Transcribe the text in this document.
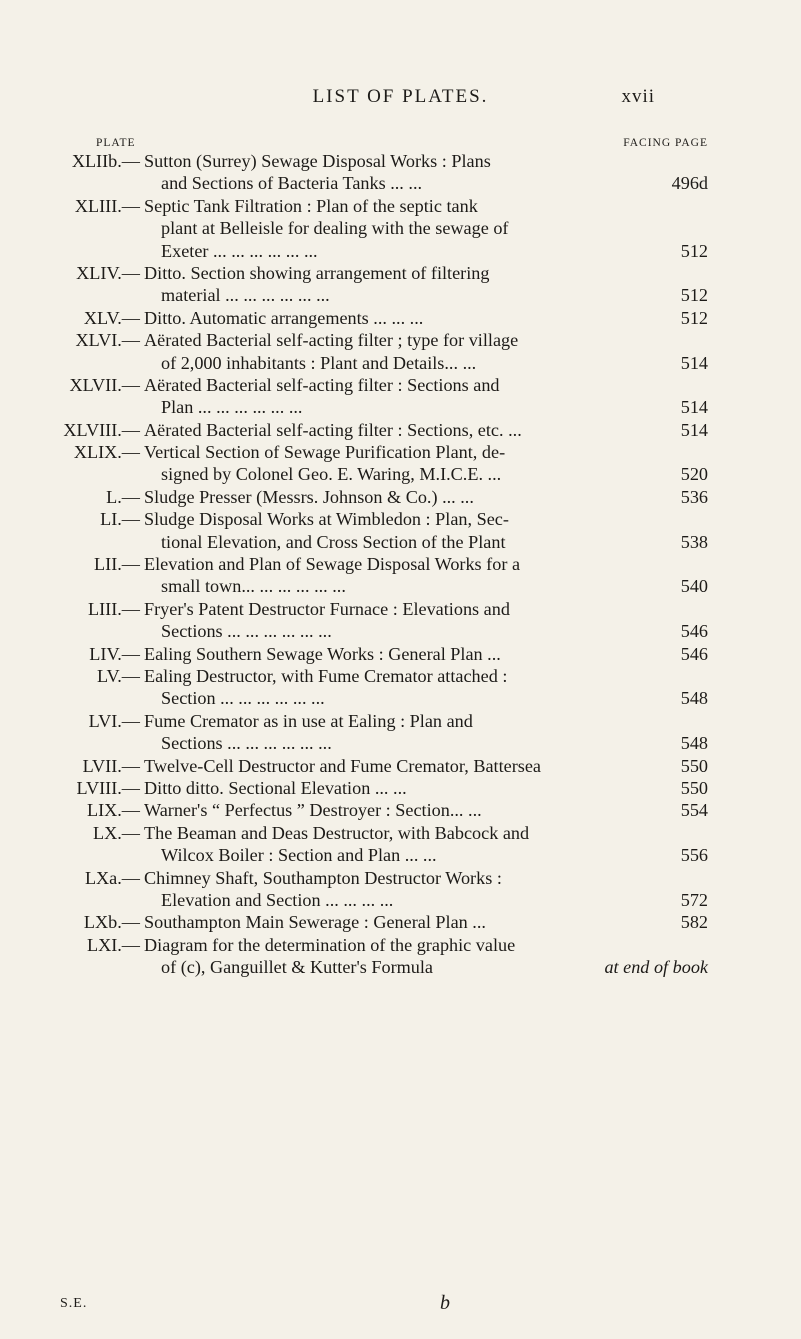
LIST OF PLATES.	xvii
PLATE	FACING PAGE
XLIIb.— Sutton (Surrey) Sewage Disposal Works : Plans
and Sections of Bacteria Tanks ... ...	496d
XLIII.— Septic Tank Filtration : Plan of the septic tank
plant at Belleisle for dealing with the sewage of
Exeter ... ... ... ... ... ...	512
XLIV.— Ditto. Section showing arrangement of filtering
material ... ... ... ... ... ...	512
XLV.— Ditto. Automatic arrangements ... ... ...	512
XLVI.— Aërated Bacterial self-acting filter ; type for village
of 2,000 inhabitants : Plant and Details... ...	514
XLVII.— Aërated Bacterial self-acting filter : Sections and
Plan ... ... ... ... ... ...	514
XLVIII.— Aërated Bacterial self-acting filter : Sections, etc. ...	514
XLIX.— Vertical Section of Sewage Purification Plant, de-
signed by Colonel Geo. E. Waring, M.I.C.E. ...	520
L.— Sludge Presser (Messrs. Johnson & Co.) ... ...	536
LI.— Sludge Disposal Works at Wimbledon : Plan, Sec-
tional Elevation, and Cross Section of the Plant	538
LII.— Elevation and Plan of Sewage Disposal Works for a
small town... ... ... ... ... ...	540
LIII.— Fryer's Patent Destructor Furnace : Elevations and
Sections ... ... ... ... ... ...	546
LIV.— Ealing Southern Sewage Works : General Plan ...	546
LV.— Ealing Destructor, with Fume Cremator attached :
Section ... ... ... ... ... ...	548
LVI.— Fume Cremator as in use at Ealing : Plan and
Sections ... ... ... ... ... ...	548
LVII.— Twelve-Cell Destructor and Fume Cremator, Battersea	550
LVIII.— Ditto ditto. Sectional Elevation ... ...	550
LIX.— Warner's “ Perfectus ” Destroyer : Section... ...	554
LX.— The Beaman and Deas Destructor, with Babcock and
Wilcox Boiler : Section and Plan ... ...	556
LXa.— Chimney Shaft, Southampton Destructor Works :
Elevation and Section ... ... ... ...	572
LXb.— Southampton Main Sewerage : General Plan ...	582
LXI.— Diagram for the determination of the graphic value
of (c), Ganguillet & Kutter's Formula	at end of book
S.E.	b
